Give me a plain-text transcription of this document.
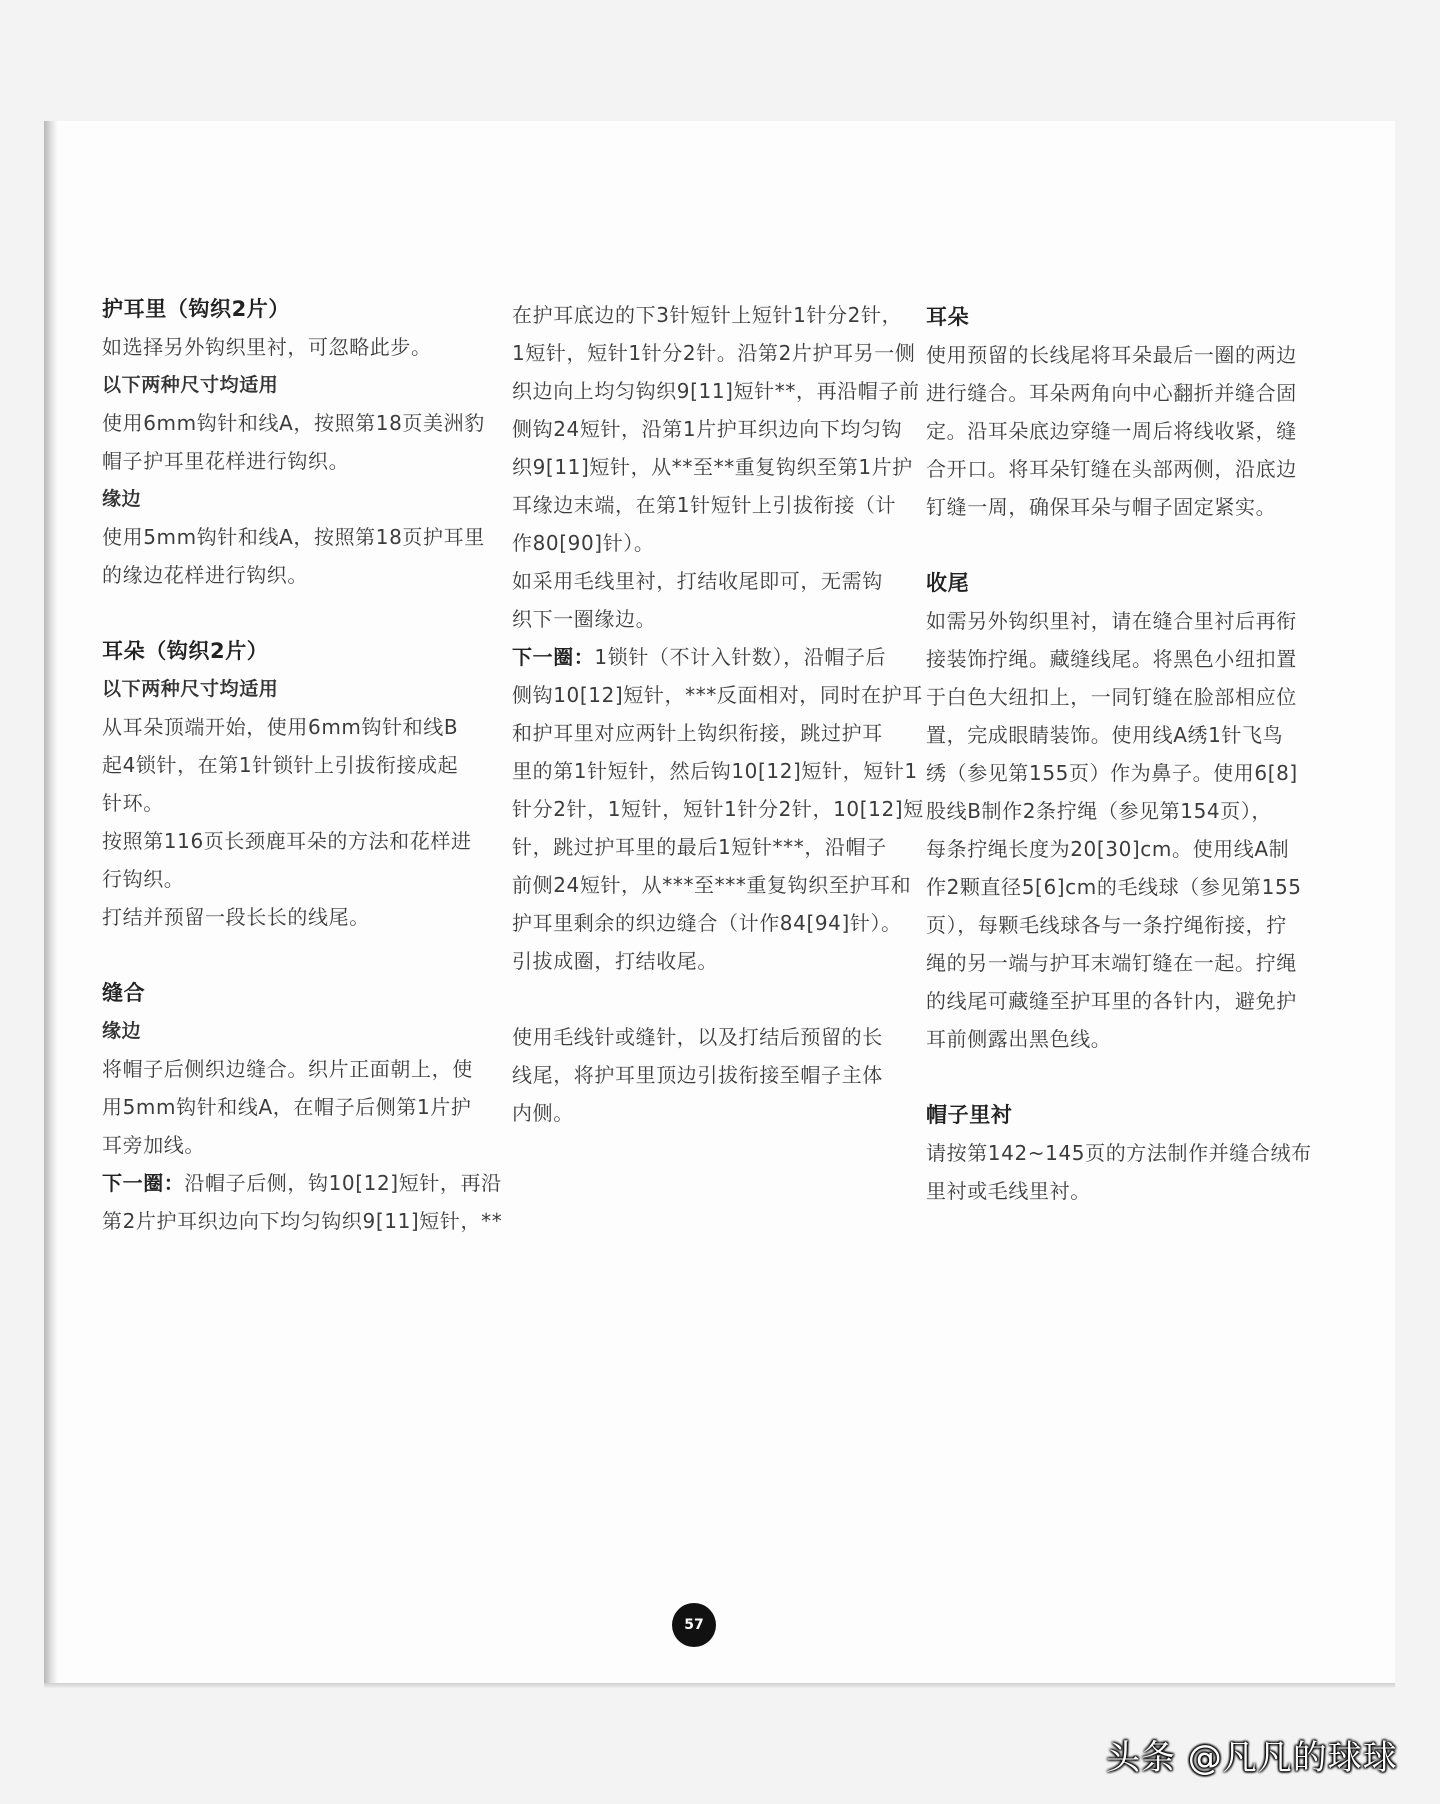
护耳里（钩织2片）
如选择另外钩织里衬，可忽略此步。
以下两种尺寸均适用
使用6mm钩针和线A，按照第18页美洲豹
帽子护耳里花样进行钩织。
缘边
使用5mm钩针和线A，按照第18页护耳里
的缘边花样进行钩织。
耳朵（钩织2片）
以下两种尺寸均适用
从耳朵顶端开始，使用6mm钩针和线B
起4锁针，在第1针锁针上引拔衔接成起
针环。
按照第116页长颈鹿耳朵的方法和花样进
行钩织。
打结并预留一段长长的线尾。
缝合
缘边
将帽子后侧织边缝合。织片正面朝上，使
用5mm钩针和线A，在帽子后侧第1片护
耳旁加线。
下一圈：沿帽子后侧，钩10[12]短针，再沿
第2片护耳织边向下均匀钩织9[11]短针，**
在护耳底边的下3针短针上短针1针分2针，
1短针，短针1针分2针。沿第2片护耳另一侧
织边向上均匀钩织9[11]短针**，再沿帽子前
侧钩24短针，沿第1片护耳织边向下均匀钩
织9[11]短针，从**至**重复钩织至第1片护
耳缘边末端，在第1针短针上引拔衔接（计
作80[90]针）。
如采用毛线里衬，打结收尾即可，无需钩
织下一圈缘边。
下一圈：1锁针（不计入针数），沿帽子后
侧钩10[12]短针，***反面相对，同时在护耳
和护耳里对应两针上钩织衔接，跳过护耳
里的第1针短针，然后钩10[12]短针，短针1
针分2针，1短针，短针1针分2针，10[12]短
针，跳过护耳里的最后1短针***，沿帽子
前侧24短针，从***至***重复钩织至护耳和
护耳里剩余的织边缝合（计作84[94]针）。
引拔成圈，打结收尾。
使用毛线针或缝针，以及打结后预留的长
线尾，将护耳里顶边引拔衔接至帽子主体
内侧。
耳朵
使用预留的长线尾将耳朵最后一圈的两边
进行缝合。耳朵两角向中心翻折并缝合固
定。沿耳朵底边穿缝一周后将线收紧，缝
合开口。将耳朵钉缝在头部两侧，沿底边
钉缝一周，确保耳朵与帽子固定紧实。
收尾
如需另外钩织里衬，请在缝合里衬后再衔
接装饰拧绳。藏缝线尾。将黑色小纽扣置
于白色大纽扣上，一同钉缝在脸部相应位
置，完成眼睛装饰。使用线A绣1针飞鸟
绣（参见第155页）作为鼻子。使用6[8]
股线B制作2条拧绳（参见第154页），
每条拧绳长度为20[30]cm。使用线A制
作2颗直径5[6]cm的毛线球（参见第155
页），每颗毛线球各与一条拧绳衔接，拧
绳的另一端与护耳末端钉缝在一起。拧绳
的线尾可藏缝至护耳里的各针内，避免护
耳前侧露出黑色线。
帽子里衬
请按第142~145页的方法制作并缝合绒布
里衬或毛线里衬。
57
头条 @凡凡的球球
